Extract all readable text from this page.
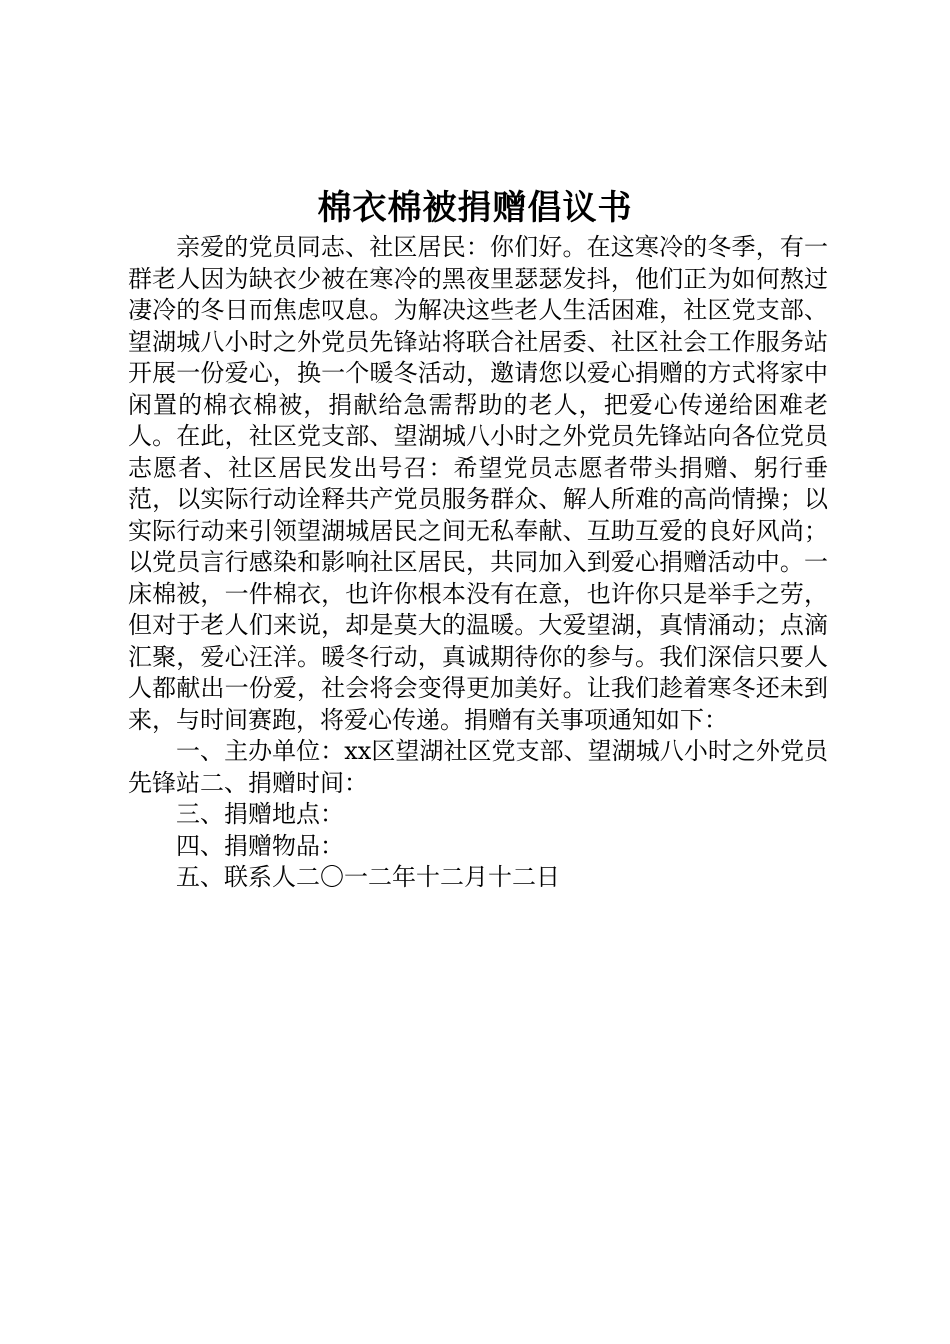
棉衣棉被捐赠倡议书

亲爱的党员同志、社区居民：你们好。在这寒冷的冬季，有一群老人因为缺衣少被在寒冷的黑夜里瑟瑟发抖，他们正为如何熬过凄冷的冬日而焦虑叹息。为解决这些老人生活困难，社区党支部、望湖城八小时之外党员先锋站将联合社居委、社区社会工作服务站开展一份爱心，换一个暖冬活动，邀请您以爱心捐赠的方式将家中闲置的棉衣棉被，捐献给急需帮助的老人，把爱心传递给困难老人。在此，社区党支部、望湖城八小时之外党员先锋站向各位党员志愿者、社区居民发出号召：希望党员志愿者带头捐赠、躬行垂范，以实际行动诠释共产党员服务群众、解人所难的高尚情操；以实际行动来引领望湖城居民之间无私奉献、互助互爱的良好风尚；以党员言行感染和影响社区居民，共同加入到爱心捐赠活动中。一床棉被，一件棉衣，也许你根本没有在意，也许你只是举手之劳，但对于老人们来说，却是莫大的温暖。大爱望湖，真情涌动；点滴汇聚，爱心汪洋。暖冬行动，真诚期待你的参与。我们深信只要人人都献出一份爱，社会将会变得更加美好。让我们趁着寒冬还未到来，与时间赛跑，将爱心传递。捐赠有关事项通知如下：

一、主办单位：xx区望湖社区党支部、望湖城八小时之外党员先锋站二、捐赠时间：

三、捐赠地点：

四、捐赠物品：

五、联系人二〇一二年十二月十二日
